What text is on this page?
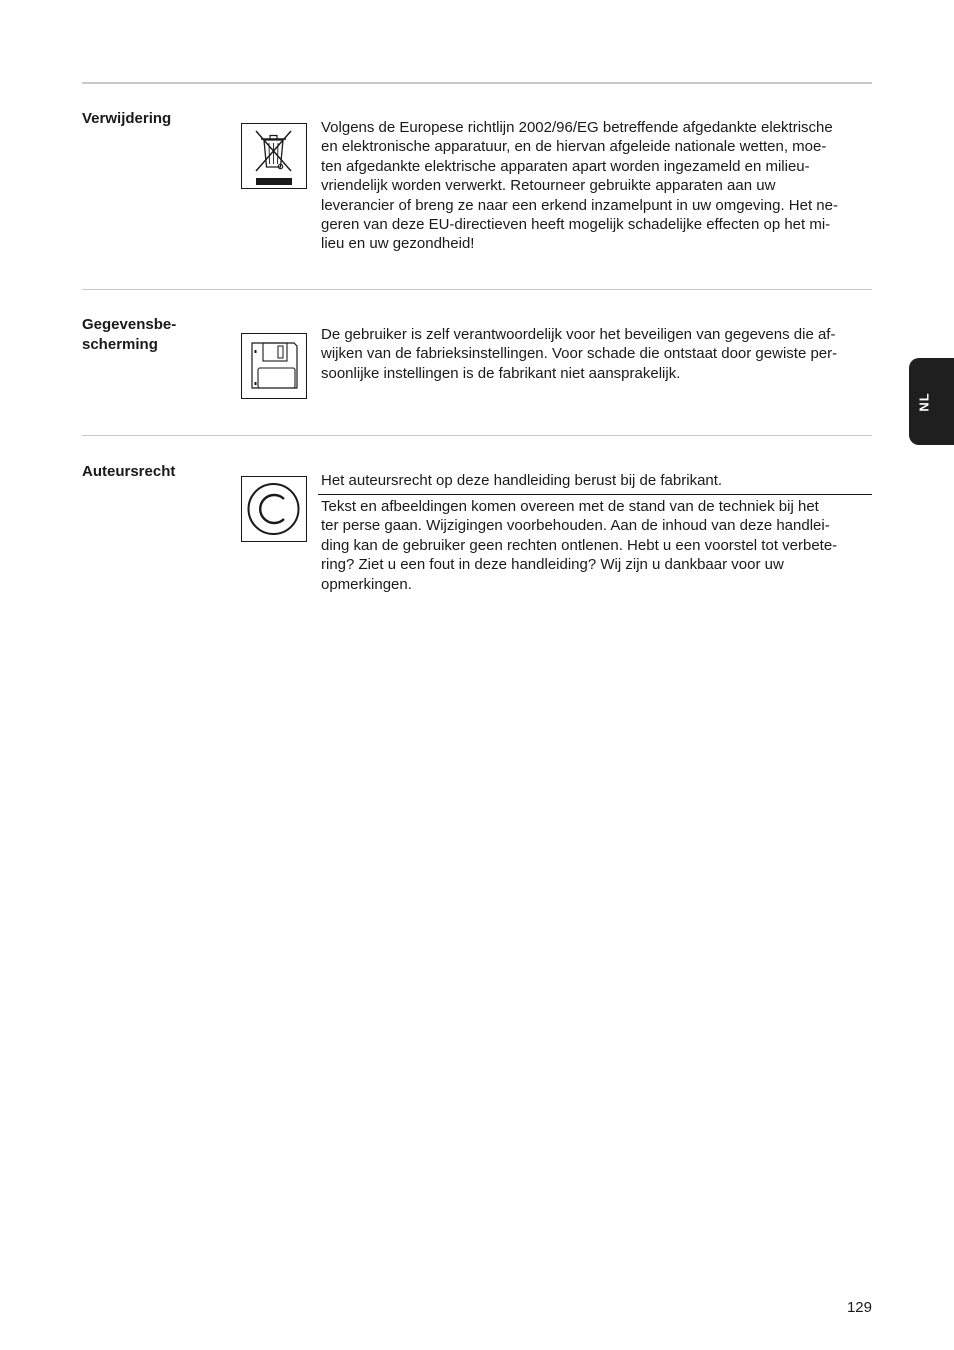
Verwijdering

Volgens de Europese richtlijn 2002/96/EG betreffende afgedankte elektrische
en elektronische apparatuur, en de hiervan afgeleide nationale wetten, moe-
ten afgedankte elektrische apparaten apart worden ingezameld en milieu-
vriendelijk worden verwerkt. Retourneer gebruikte apparaten aan uw
leverancier of breng ze naar een erkend inzamelpunt in uw omgeving. Het ne-
geren van deze EU-directieven heeft mogelijk schadelijke effecten op het mi-
lieu en uw gezondheid!

Gegevensbe-
scherming

De gebruiker is zelf verantwoordelijk voor het beveiligen van gegevens die af-
wijken van de fabrieksinstellingen. Voor schade die ontstaat door gewiste per-
soonlijke instellingen is de fabrikant niet aansprakelijk.

Auteursrecht

Het auteursrecht op deze handleiding berust bij de fabrikant.

Tekst en afbeeldingen komen overeen met de stand van de techniek bij het
ter perse gaan. Wijzigingen voorbehouden. Aan de inhoud van deze handlei-
ding kan de gebruiker geen rechten ontlenen. Hebt u een voorstel tot verbete-
ring? Ziet u een fout in deze handleiding? Wij zijn u dankbaar voor uw
opmerkingen.

NL
129
